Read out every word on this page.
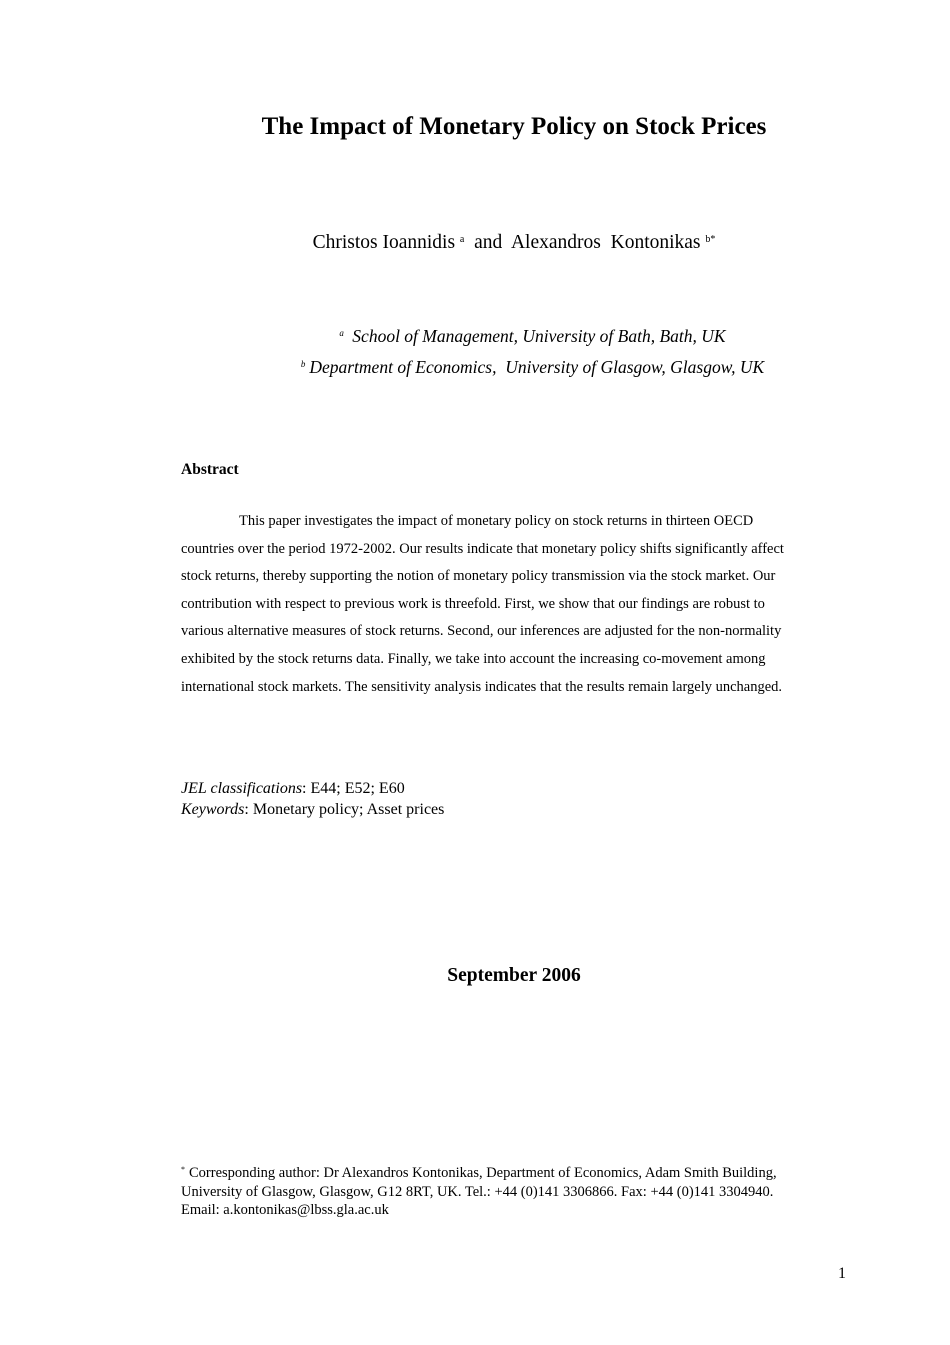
The Impact of Monetary Policy on Stock Prices
Christos Ioannidis $^a$ and Alexandros  Kontonikas $^{b*}$
$^a$ School of Management, University of Bath, Bath, UK
$^b$ Department of Economics,  University of Glasgow, Glasgow, UK
Abstract
This paper investigates the impact of monetary policy on stock returns in thirteen OECD
countries over the period 1972-2002. Our results indicate that monetary policy shifts significantly affect
stock returns, thereby supporting the notion of monetary policy transmission via the stock market. Our
contribution with respect to previous work is threefold. First, we show that our findings are robust to
various alternative measures of stock returns. Second, our inferences are adjusted for the non-normality
exhibited by the stock returns data. Finally, we take into account the increasing co-movement among
international stock markets. The sensitivity analysis indicates that the results remain largely unchanged.
JEL classifications: E44; E52; E60
Keywords: Monetary policy; Asset prices
September 2006
* Corresponding author: Dr Alexandros Kontonikas, Department of Economics, Adam Smith Building,
University of Glasgow, Glasgow, G12 8RT, UK. Tel.: +44 (0)141 3306866. Fax: +44 (0)141 3304940.
Email: a.kontonikas@lbss.gla.ac.uk
1
